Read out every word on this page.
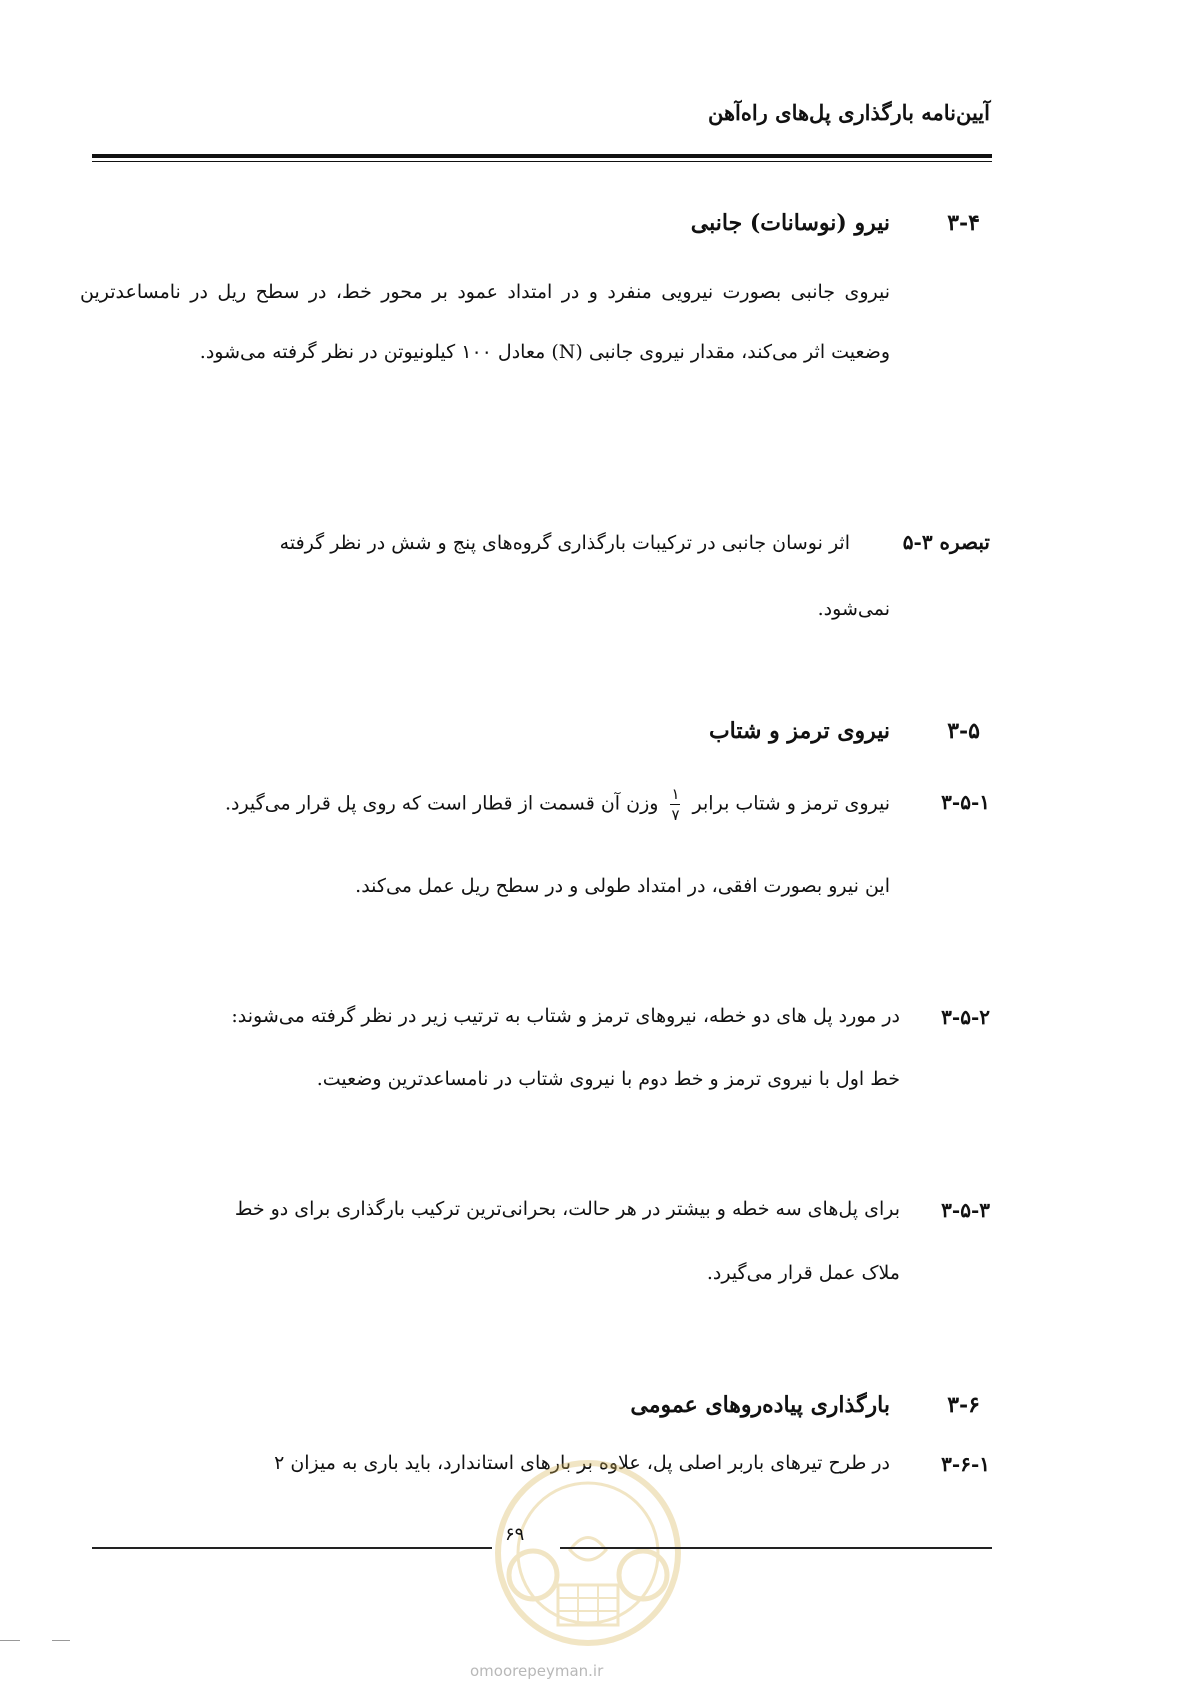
آیین‌نامه بارگذاری پل‌های راه‌آهن
۳-۴
نیرو (نوسانات) جانبی
نیروی جانبی بصورت نیرویی منفرد و در امتداد عمود بر محور خط، در سطح ریل در نامساعدترین وضعیت اثر می‌کند، مقدار نیروی جانبی (N) معادل ۱۰۰ کیلونیوتن در نظر گرفته می‌شود.
تبصره ۳-۵
اثر نوسان جانبی در ترکیبات بارگذاری گروه‌های پنج و شش در نظر گرفته
نمی‌شود.
۳-۵
نیروی ترمز و شتاب
۳-۵-۱
نیروی ترمز و شتاب برابر
$\frac{۱}{۷}$
وزن آن قسمت از قطار است که روی پل قرار می‌گیرد.
این نیرو بصورت افقی، در امتداد طولی و در سطح ریل عمل می‌کند.
۳-۵-۲
در مورد پل های دو خطه، نیروهای ترمز و شتاب به ترتیب زیر در نظر گرفته می‌شوند:
خط اول با نیروی ترمز و خط دوم با نیروی شتاب در نامساعدترین وضعیت.
۳-۵-۳
برای پل‌های سه خطه و بیشتر در هر حالت، بحرانی‌ترین ترکیب بارگذاری برای دو خط
ملاک عمل قرار می‌گیرد.
۳-۶
بارگذاری پیاده‌روهای عمومی
۳-۶-۱
در طرح تیرهای باربر اصلی پل، علاوه بر بارهای استاندارد، باید باری به میزان ۲
۶۹
omoorepeyman.ir
